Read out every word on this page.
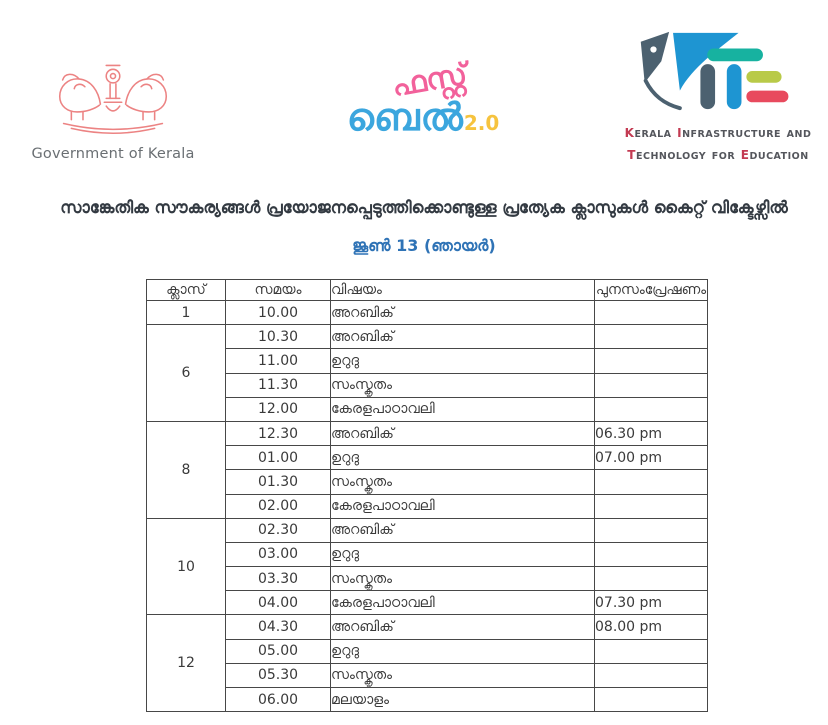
Government of Kerala
ഫസ്റ്റ്
ബെൽ2.0	KERALA INFRASTRUCTURE AND
TECHNOLOGY FOR EDUCATION
സാങ്കേതിക സൗകര്യങ്ങൾ പ്രയോജനപ്പെടുത്തിക്കൊണ്ടുള്ള പ്രത്യേക ക്ലാസുകൾ കൈറ്റ് വിക്ടേഴ്സിൽ
ജൂൺ 13 (ഞായർ)
ക്ലാസ്	സമയം	വിഷയം	പുനസംപ്രേഷണം
1	10.00	അറബിക്	
6	10.30	അറബിക്	
	11.00	ഉറുദു	
	11.30	സംസ്കൃതം	
	12.00	കേരളപാഠാവലി	
8	12.30	അറബിക്	06.30 pm
	01.00	ഉറുദു	07.00 pm
	01.30	സംസ്കൃതം	
	02.00	കേരളപാഠാവലി	
10	02.30	അറബിക്	
	03.00	ഉറുദു	
	03.30	സംസ്കൃതം	
	04.00	കേരളപാഠാവലി	07.30 pm
12	04.30	അറബിക്	08.00 pm
	05.00	ഉറുദു	
	05.30	സംസ്കൃതം	
	06.00	മലയാളം	
